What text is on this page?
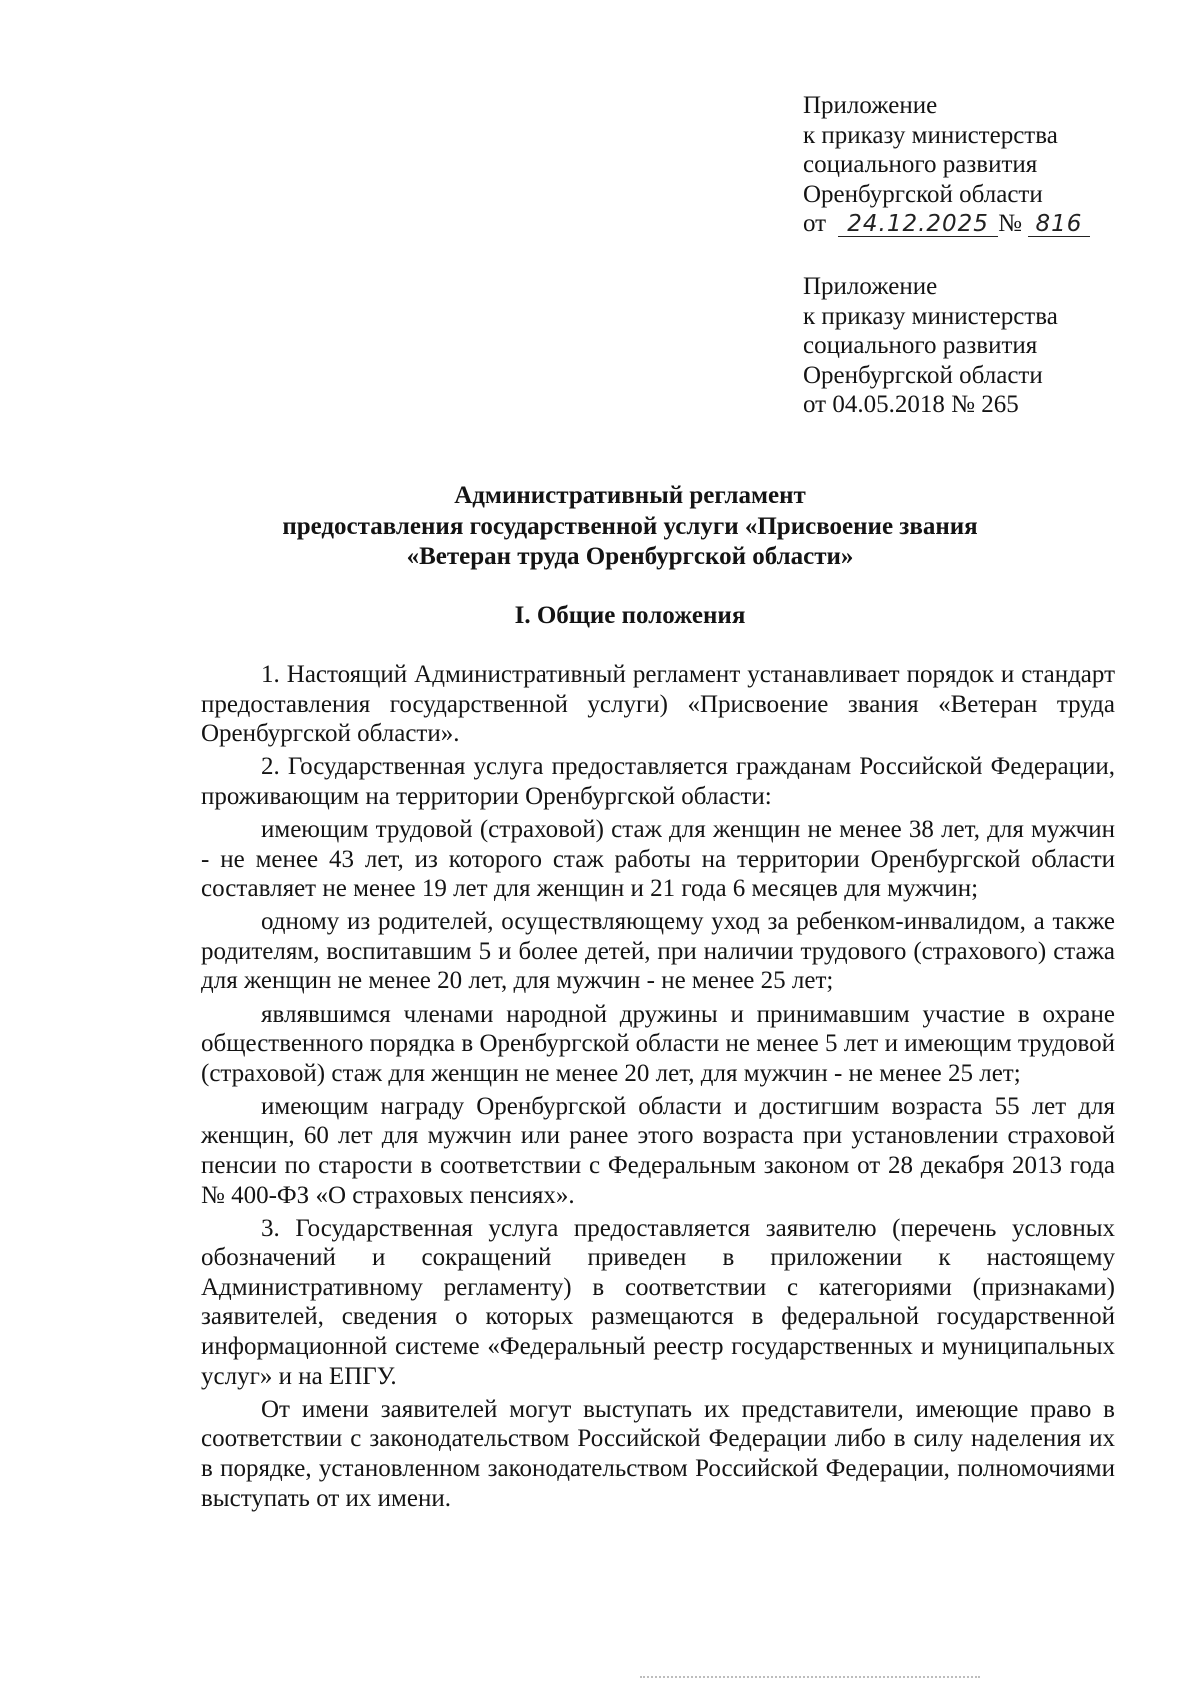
Приложение
к приказу министерства
социального развития
Оренбургской области
от 24.12.2025 № 816
Приложение
к приказу министерства
социального развития
Оренбургской области
от 04.05.2018 № 265
Административный регламент
предоставления государственной услуги «Присвоение звания
«Ветеран труда Оренбургской области»
I. Общие положения

1. Настоящий Административный регламент устанавливает порядок и стандарт предоставления государственной услуги) «Присвоение звания «Ветеран труда Оренбургской области».

2. Государственная услуга предоставляется гражданам Российской Федерации, проживающим на территории Оренбургской области:

имеющим трудовой (страховой) стаж для женщин не менее 38 лет, для мужчин - не менее 43 лет, из которого стаж работы на территории Оренбургской области составляет не менее 19 лет для женщин и 21 года 6 месяцев для мужчин;

одному из родителей, осуществляющему уход за ребенком-инвалидом, а также родителям, воспитавшим 5 и более детей, при наличии трудового (страхового) стажа для женщин не менее 20 лет, для мужчин - не менее 25 лет;

являвшимся членами народной дружины и принимавшим участие в охране общественного порядка в Оренбургской области не менее 5 лет и имеющим трудовой (страховой) стаж для женщин не менее 20 лет, для мужчин - не менее 25 лет;

имеющим награду Оренбургской области и достигшим возраста 55 лет для женщин, 60 лет для мужчин или ранее этого возраста при установлении страховой пенсии по старости в соответствии с Федеральным законом от 28 декабря 2013 года № 400-ФЗ «О страховых пенсиях».

3. Государственная услуга предоставляется заявителю (перечень условных обозначений и сокращений приведен в приложении к настоящему Административному регламенту) в соответствии с категориями (признаками) заявителей, сведения о которых размещаются в федеральной государственной информационной системе «Федеральный реестр государственных и муниципальных услуг» и на ЕПГУ.

От имени заявителей могут выступать их представители, имеющие право в соответствии с законодательством Российской Федерации либо в силу наделения их в порядке, установленном законодательством Российской Федерации, полномочиями выступать от их имени.
